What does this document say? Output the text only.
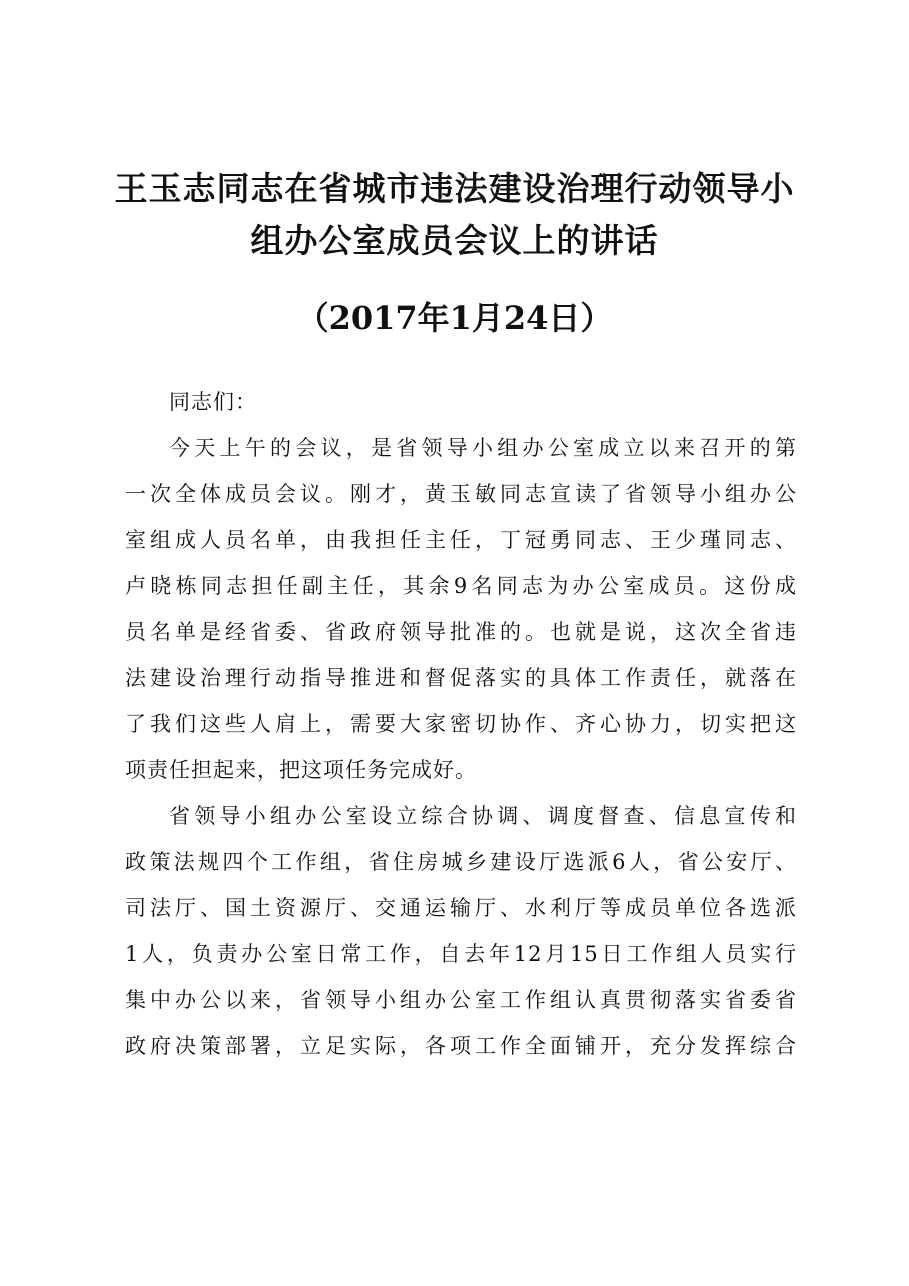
王玉志同志在省城市违法建设治理行动领导小
组办公室成员会议上的讲话

（2017年1月24日）

同志们：
今天上午的会议，是省领导小组办公室成立以来召开的第
一次全体成员会议。刚才，黄玉敏同志宣读了省领导小组办公
室组成人员名单，由我担任主任，丁冠勇同志、王少瑾同志、
卢晓栋同志担任副主任，其余9名同志为办公室成员。这份成
员名单是经省委、省政府领导批准的。也就是说，这次全省违
法建设治理行动指导推进和督促落实的具体工作责任，就落在
了我们这些人肩上，需要大家密切协作、齐心协力，切实把这
项责任担起来，把这项任务完成好。
省领导小组办公室设立综合协调、调度督查、信息宣传和
政策法规四个工作组，省住房城乡建设厅选派6人，省公安厅、
司法厅、国土资源厅、交通运输厅、水利厅等成员单位各选派
1人，负责办公室日常工作，自去年12月15日工作组人员实行
集中办公以来，省领导小组办公室工作组认真贯彻落实省委省
政府决策部署，立足实际，各项工作全面铺开，充分发挥综合
